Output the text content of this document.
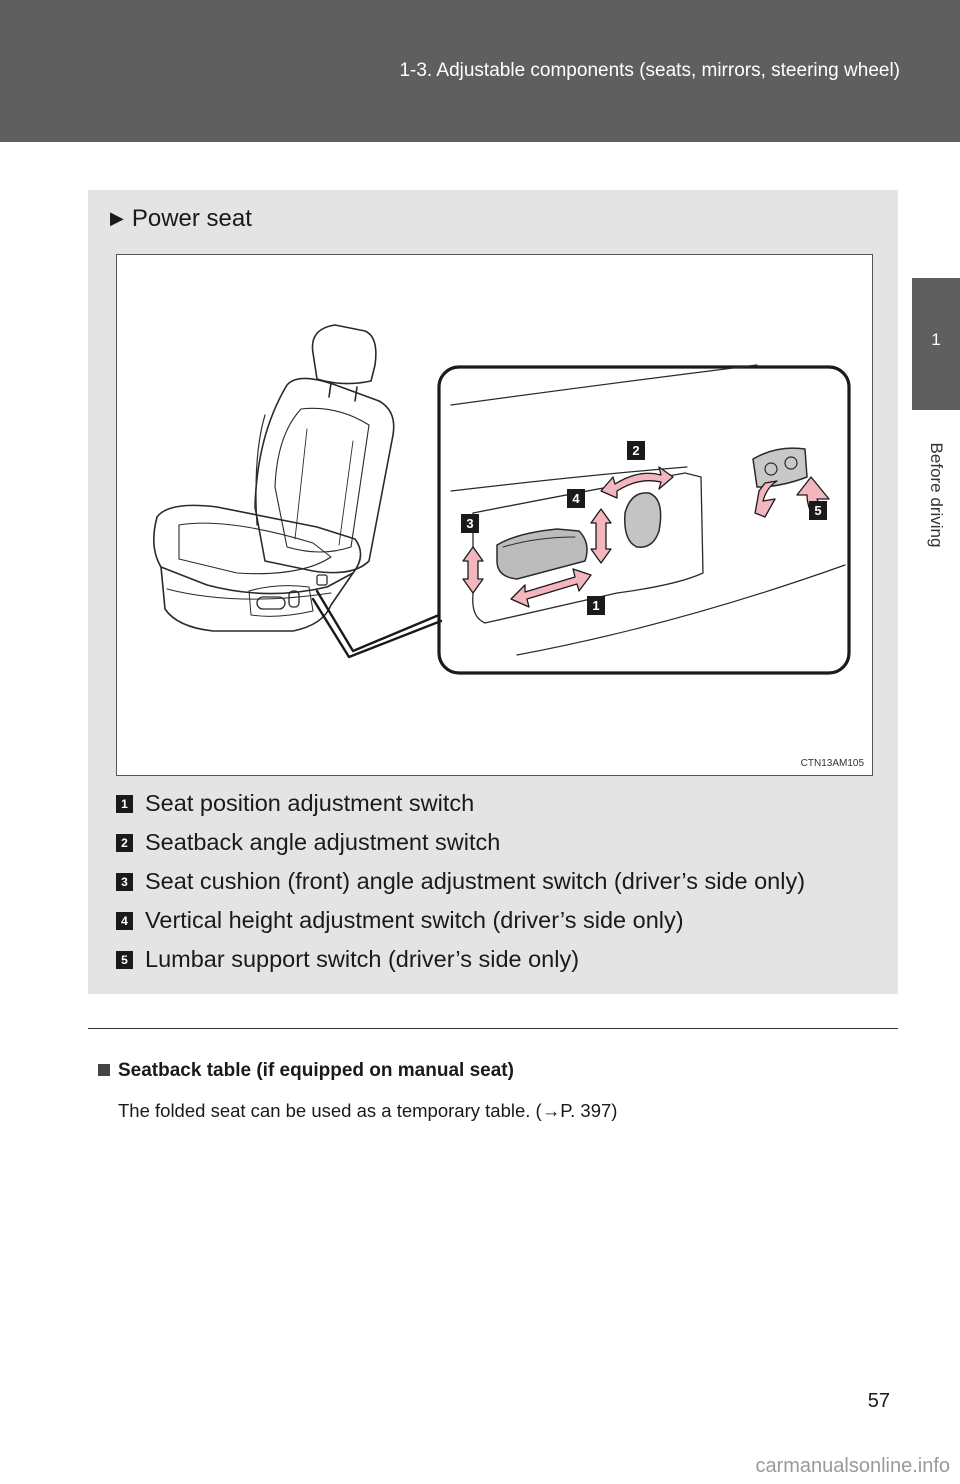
1-3. Adjustable components (seats, mirrors, steering wheel)
1
Before driving
▶ Power seat
1
2
3
4
5
CTN13AM105
1 Seat position adjustment switch
2 Seatback angle adjustment switch
3 Seat cushion (front) angle adjustment switch (driver’s side only)
4 Vertical height adjustment switch (driver’s side only)
5 Lumbar support switch (driver’s side only)
Seatback table (if equipped on manual seat)
The folded seat can be used as a temporary table. (→P. 397)
57
carmanualsonline.info
